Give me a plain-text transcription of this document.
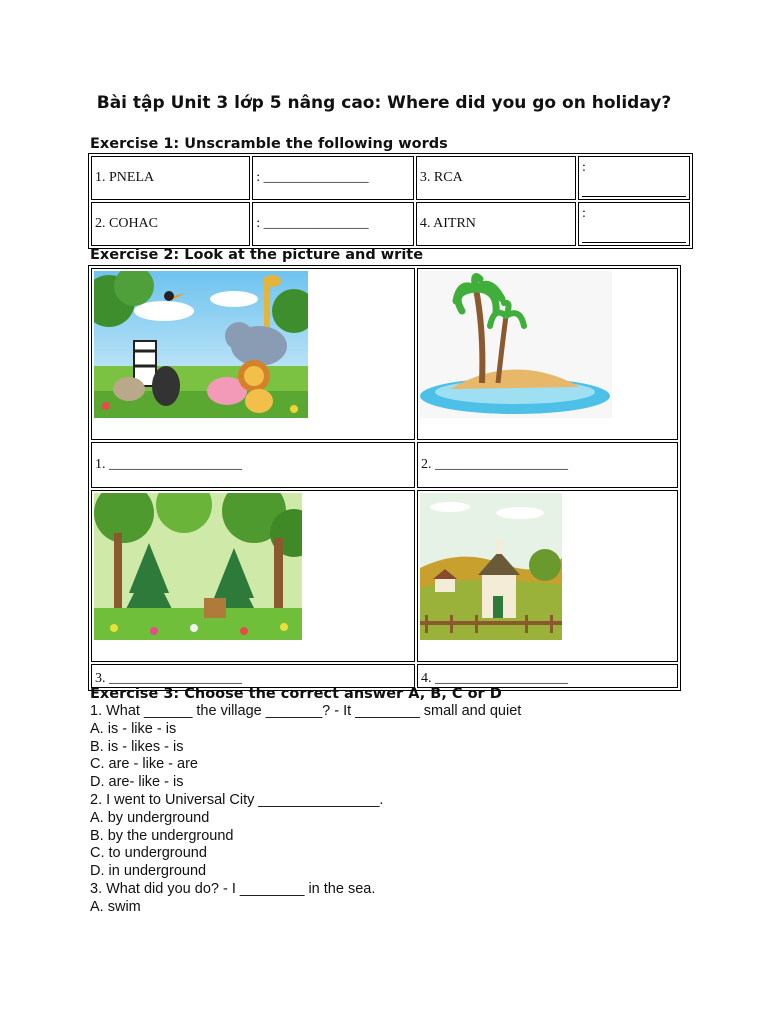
Bài tập Unit 3 lớp 5 nâng cao: Where did you go on holiday?
Exercise 1: Unscramble the following words
1. PNELA	: _______________	3. RCA	:

2. COHAC	: _______________	4. AITRN	:
Exercise 2: Look at the picture and write

1. ___________________	2. ___________________

3. ___________________	4. ___________________
Exercise 3: Choose the correct answer A, B, C or D
1. What ______ the village _______? - It ________ small and quiet
A. is - like - is
B. is - likes - is
C. are - like - are
D. are- like - is
2. I went to Universal City _______________.
A. by underground
B. by the underground
C. to underground
D. in underground
3. What did you do? - I ________ in the sea.
A. swim
